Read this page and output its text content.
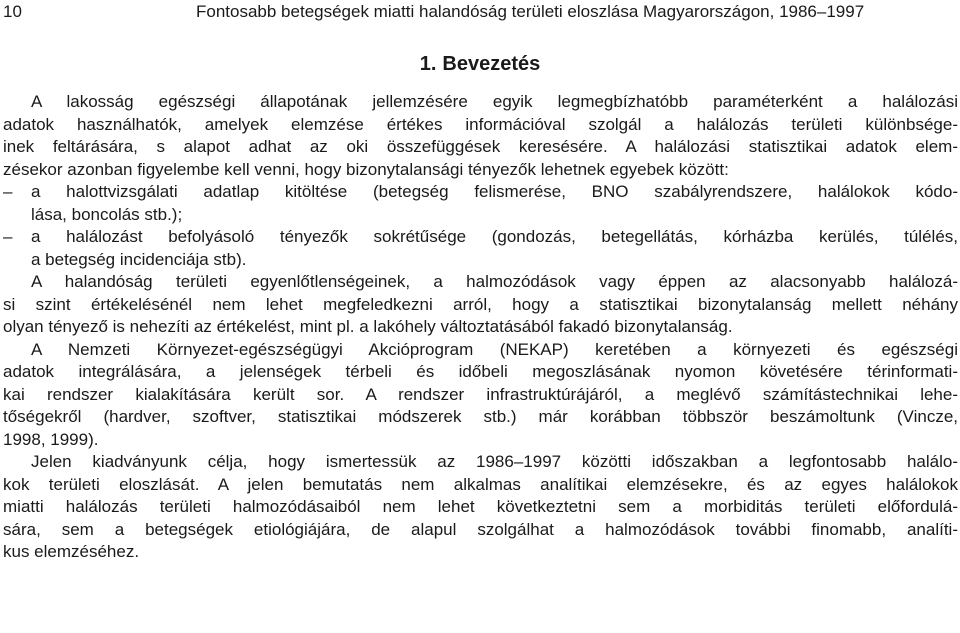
10	Fontosabb betegségek miatti halandóság területi eloszlása Magyarországon, 1986–1997
1. Bevezetés
A lakosság egészségi állapotának jellemzésére egyik legmegbízhatóbb paraméterként a halálozási
adatok használhatók, amelyek elemzése értékes információval szolgál a halálozás területi különbsége-
inek feltárására, s alapot adhat az oki összefüggések keresésére. A halálozási statisztikai adatok elem-
zésekor azonban figyelembe kell venni, hogy bizonytalansági tényezők lehetnek egyebek között:
– a halottvizsgálati adatlap kitöltése (betegség felismerése, BNO szabályrendszere, halálokok kódo-
lása, boncolás stb.);
– a halálozást befolyásoló tényezők sokrétűsége (gondozás, betegellátás, kórházba kerülés, túlélés,
a betegség incidenciája stb).
A halandóság területi egyenlőtlenségeinek, a halmozódások vagy éppen az alacsonyabb halálozá-
si szint értékelésénél nem lehet megfeledkezni arról, hogy a statisztikai bizonytalanság mellett néhány
olyan tényező is nehezíti az értékelést, mint pl. a lakóhely változtatásából fakadó bizonytalanság.
A Nemzeti Környezet-egészségügyi Akcióprogram (NEKAP) keretében a környezeti és egészségi
adatok integrálására, a jelenségek térbeli és időbeli megoszlásának nyomon követésére térinformati-
kai rendszer kialakítására került sor. A rendszer infrastruktúrájáról, a meglévő számítástechnikai lehe-
tőségekről (hardver, szoftver, statisztikai módszerek stb.) már korábban többször beszámoltunk (Vincze,
1998, 1999).
Jelen kiadványunk célja, hogy ismertessük az 1986–1997 közötti időszakban a legfontosabb halálo-
kok területi eloszlását. A jelen bemutatás nem alkalmas analítikai elemzésekre, és az egyes halálokok
miatti halálozás területi halmozódásaiból nem lehet következtetni sem a morbiditás területi előfordulá-
sára, sem a betegségek etiológiájára, de alapul szolgálhat a halmozódások további finomabb, analíti-
kus elemzéséhez.
